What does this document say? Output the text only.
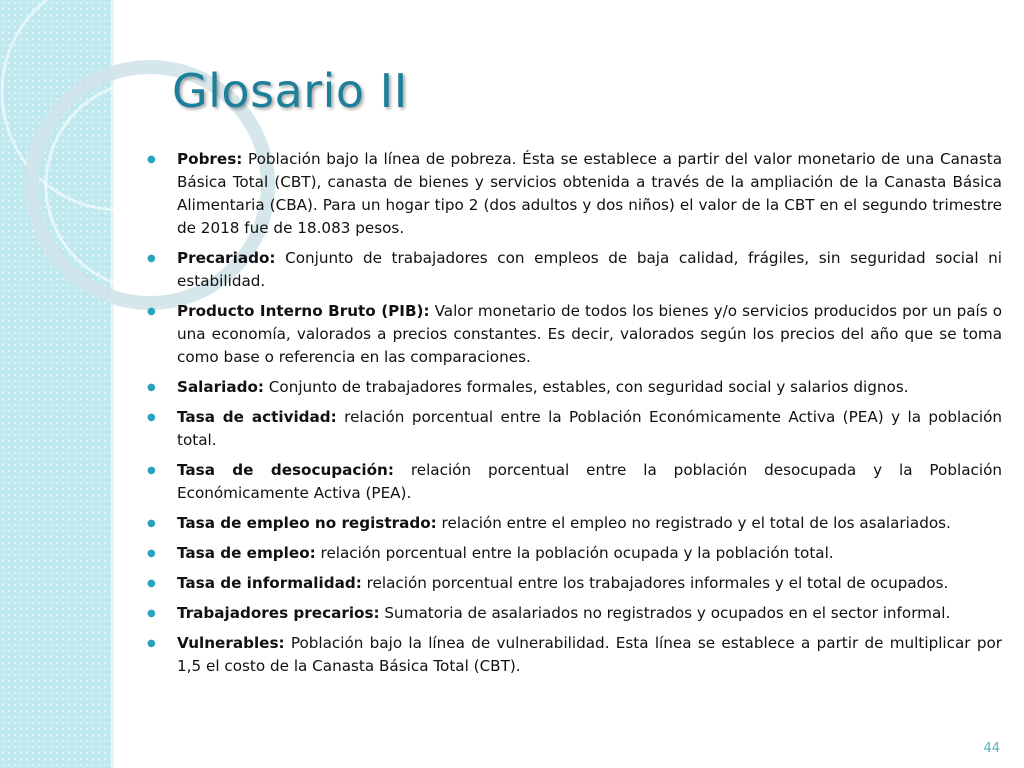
Glosario II
● Pobres: Población bajo la línea de pobreza. Ésta se establece a partir del valor monetario de una Canasta Básica Total (CBT), canasta de bienes y servicios obtenida a través de la ampliación de la Canasta Básica Alimentaria (CBA). Para un hogar tipo 2 (dos adultos y dos niños) el valor de la CBT en el segundo trimestre de 2018 fue de 18.083 pesos.
● Precariado: Conjunto de trabajadores con empleos de baja calidad, frágiles, sin seguridad social ni estabilidad.
● Producto Interno Bruto (PIB): Valor monetario de todos los bienes y/o servicios producidos por un país o una economía, valorados a precios constantes. Es decir, valorados según los precios del año que se toma como base o referencia en las comparaciones.
● Salariado: Conjunto de trabajadores formales, estables, con seguridad social y salarios dignos.
● Tasa de actividad: relación porcentual entre la Población Económicamente Activa (PEA) y la población total.
● Tasa de desocupación: relación porcentual entre la población desocupada y la Población Económicamente Activa (PEA).
● Tasa de empleo no registrado: relación entre el empleo no registrado y el total de los asalariados.
● Tasa de empleo: relación porcentual entre la población ocupada y la población total.
● Tasa de informalidad: relación porcentual entre los trabajadores informales y el total de ocupados.
● Trabajadores precarios: Sumatoria de asalariados no registrados y ocupados en el sector informal.
● Vulnerables: Población bajo la línea de vulnerabilidad. Esta línea se establece a partir de multiplicar por 1,5 el costo de la Canasta Básica Total (CBT).
44
